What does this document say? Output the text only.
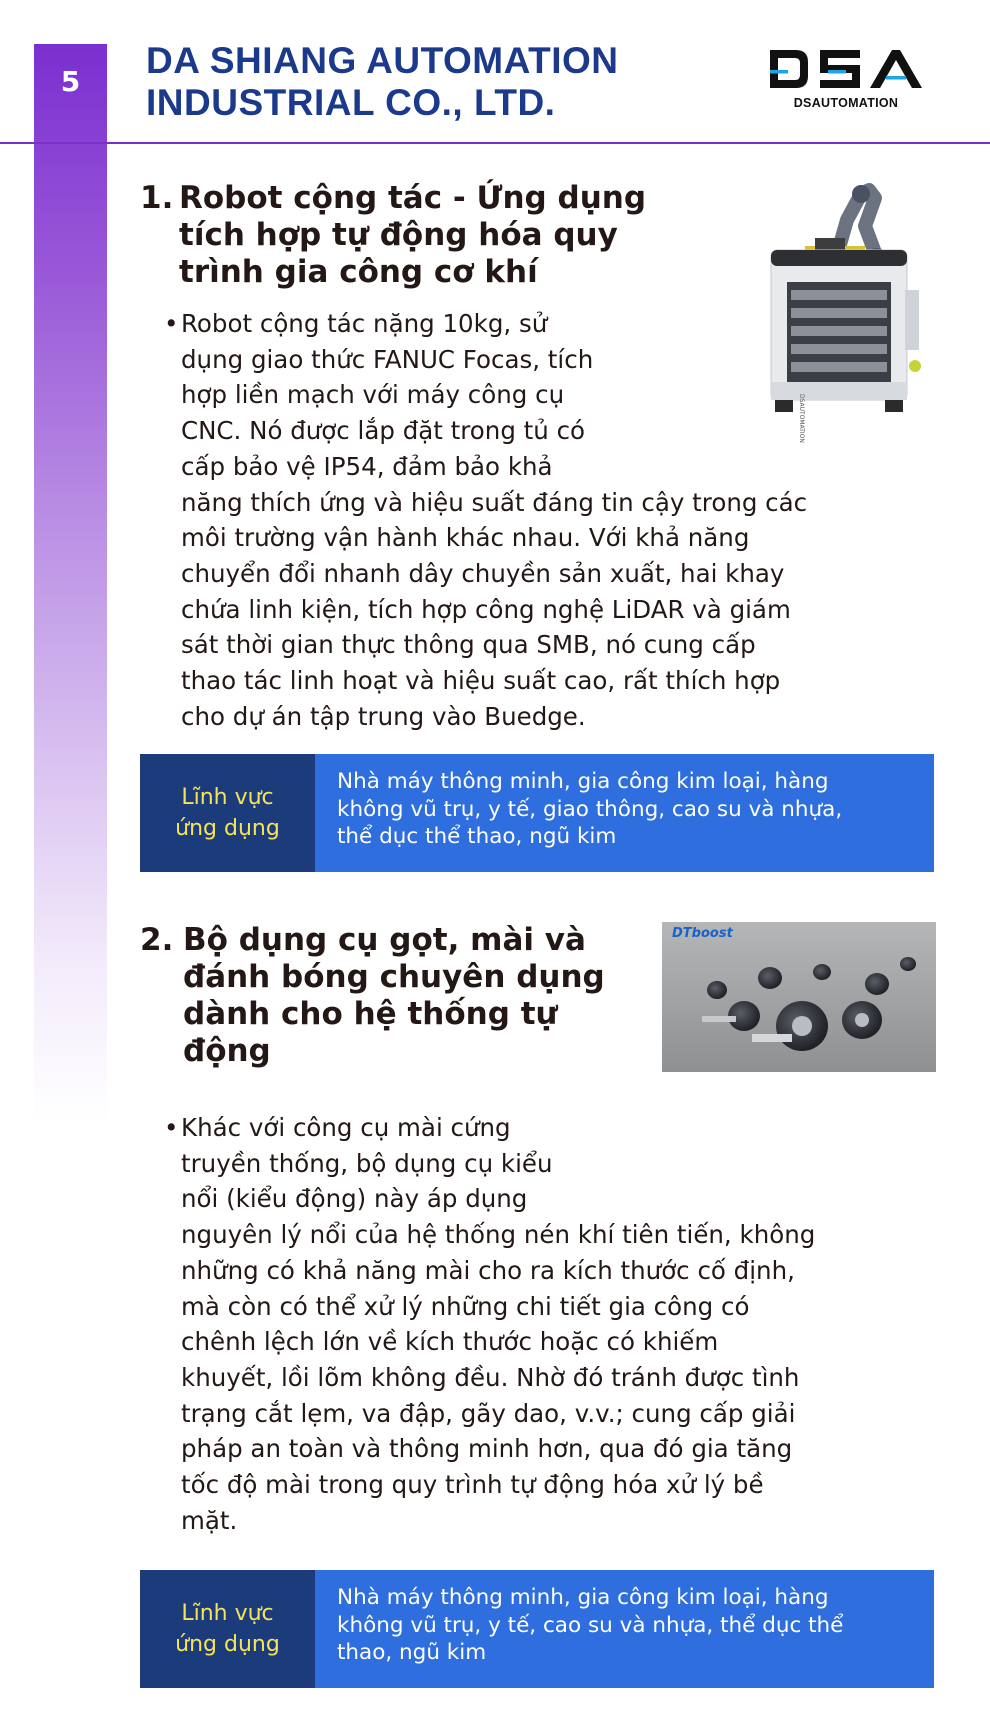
5	DA SHIANG AUTOMATION
INDUSTRIAL CO., LTD.	DSAUTOMATION
1. Robot cộng tác - Ứng dụng
tích hợp tự động hóa quy
trình gia công cơ khí
DSAUTOMATION
• Robot cộng tác nặng 10kg, sử
dụng giao thức FANUC Focas, tích
hợp liền mạch với máy công cụ
CNC. Nó được lắp đặt trong tủ có
cấp bảo vệ IP54, đảm bảo khả
năng thích ứng và hiệu suất đáng tin cậy trong các
môi trường vận hành khác nhau. Với khả năng
chuyển đổi nhanh dây chuyền sản xuất, hai khay
chứa linh kiện, tích hợp công nghệ LiDAR và giám
sát thời gian thực thông qua SMB, nó cung cấp
thao tác linh hoạt và hiệu suất cao, rất thích hợp
cho dự án tập trung vào Buedge.
Lĩnh vực
ứng dụng
Nhà máy thông minh, gia công kim loại, hàng
không vũ trụ, y tế, giao thông, cao su và nhựa,
thể dục thể thao, ngũ kim
2. Bộ dụng cụ gọt, mài và
đánh bóng chuyên dụng
dành cho hệ thống tự
động
DTboost
• Khác với công cụ mài cứng
truyền thống, bộ dụng cụ kiểu
nổi (kiểu động) này áp dụng
nguyên lý nổi của hệ thống nén khí tiên tiến, không
những có khả năng mài cho ra kích thước cố định,
mà còn có thể xử lý những chi tiết gia công có
chênh lệch lớn về kích thước hoặc có khiếm
khuyết, lồi lõm không đều. Nhờ đó tránh được tình
trạng cắt lẹm, va đập, gãy dao, v.v.; cung cấp giải
pháp an toàn và thông minh hơn, qua đó gia tăng
tốc độ mài trong quy trình tự động hóa xử lý bề
mặt.
Lĩnh vực
ứng dụng
Nhà máy thông minh, gia công kim loại, hàng
không vũ trụ, y tế, cao su và nhựa, thể dục thể
thao, ngũ kim
